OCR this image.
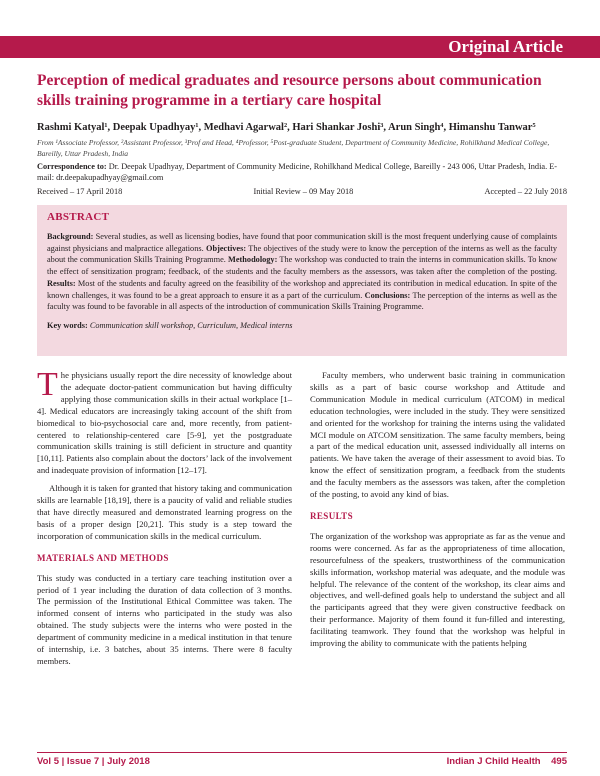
Original Article
Perception of medical graduates and resource persons about communication skills training programme in a tertiary care hospital
Rashmi Katyal¹, Deepak Upadhyay¹, Medhavi Agarwal², Hari Shankar Joshi³, Arun Singh⁴, Himanshu Tanwar⁵
From ¹Associate Professor, ²Assistant Professor, ³Prof and Head, ⁴Professor, ⁵Post-graduate Student, Department of Community Medicine, Rohilkhand Medical College, Bareilly, Uttar Pradesh, India
Correspondence to: Dr. Deepak Upadhyay, Department of Community Medicine, Rohilkhand Medical College, Bareilly - 243 006, Uttar Pradesh, India. E-mail: dr.deepakupadhyay@gmail.com
Received – 17 April 2018	Initial Review – 09 May 2018	Accepted – 22 July 2018
ABSTRACT

Background: Several studies, as well as licensing bodies, have found that poor communication skill is the most frequent underlying cause of complaints against physicians and malpractice allegations. Objectives: The objectives of the study were to know the perception of the interns as well as the faculty about the communication Skills Training Programme. Methodology: The workshop was conducted to train the interns in communication skills. To know the effect of sensitization program; feedback, of the students and the faculty members as the assessors, was taken after the completion of the posting. Results: Most of the students and faculty agreed on the feasibility of the workshop and appreciated its contribution in medical education. In spite of the known challenges, it was found to be a great approach to ensure it as a part of the curriculum. Conclusions: The perception of the interns as well as the faculty was found to be favorable in all aspects of the introduction of communication Skills Training Programme.

Key words: Communication skill workshop, Curriculum, Medical interns

The physicians usually report the dire necessity of knowledge about the adequate doctor-patient communication but having difficulty applying those communication skills in their actual workplace [1–4]. Medical educators are increasingly taking account of the shift from biomedical to bio-psychosocial care and, more recently, from patient-centered to relationship-centered care [5-9], yet the postgraduate communication skills training is still deficient in structure and quantity [10,11]. Patients also complain about the doctors’ lack of the involvement and inadequate provision of information [12–17].

Although it is taken for granted that history taking and communication skills are learnable [18,19], there is a paucity of valid and reliable studies that have directly measured and demonstrated learning progress on the basis of a proper design [20,21]. This study is a step toward the incorporation of communication skills in the medical curriculum.

MATERIALS AND METHODS

This study was conducted in a tertiary care teaching institution over a period of 1 year including the duration of data collection of 3 months. The permission of the Institutional Ethical Committee was taken. The informed consent of interns who participated in the study was also obtained. The study subjects were the interns who were posted in the department of community medicine in a medical institution in that tenure of internship, i.e. 3 batches, about 35 interns. There were 8 faculty members.

Faculty members, who underwent basic training in communication skills as a part of basic course workshop and Attitude and Communication Module in medical curriculum (ATCOM) in medical education technologies, were included in the study. They were sensitized and oriented for the workshop for training the interns using the validated MCI module on ATCOM sensitization. The same faculty members, being a part of the medical education unit, assessed individually all interns on patients. We have taken the average of their assessment to avoid bias. To know the effect of sensitization program, a feedback from the students and the faculty members as the assessors was taken, after the completion of the posting, to avoid any kind of bias.

RESULTS

The organization of the workshop was appropriate as far as the venue and rooms were concerned. As far as the appropriateness of time allocation, resourcefulness of the speakers, trustworthiness of the communication skills information, workshop material was adequate, and the module was helpful. The relevance of the content of the workshop, its clear aims and objectives, and well-defined goals help to understand the subject and all the participants agreed that they were given constructive feedback on their performance. Majority of them found it fun-filled and interesting, facilitating teamwork. They found that the workshop was helpful in improving the ability to communicate with the patients helping

Vol 5 | Issue 7 | July 2018	Indian J Child Health 495
